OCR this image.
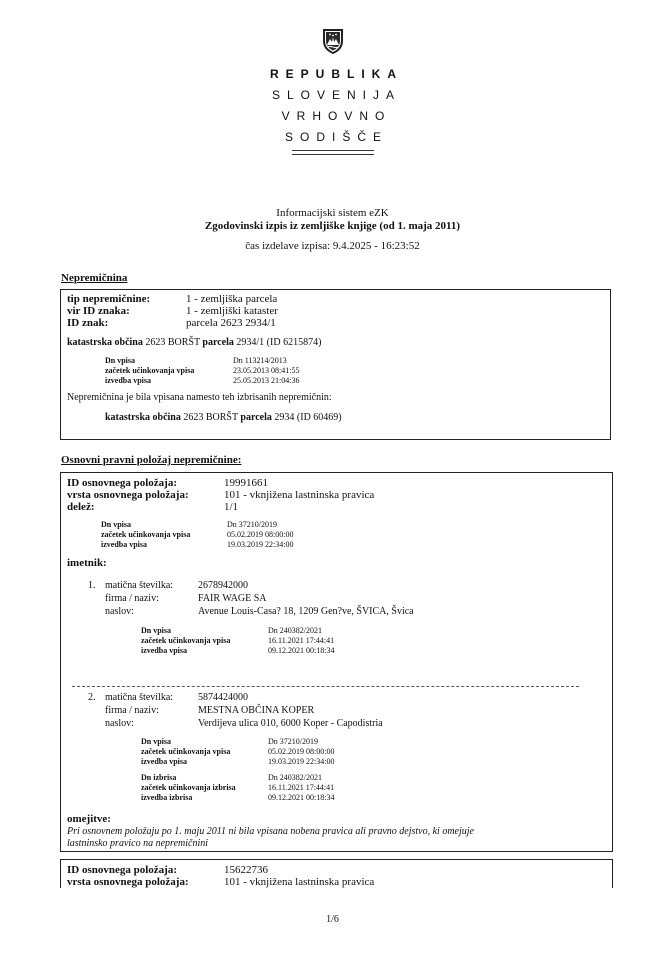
REPUBLIKA
SLOVENIJA
VRHOVNO
SODIŠČE
Informacijski sistem eZK
Zgodovinski izpis iz zemljiške knjige (od 1. maja 2011)
čas izdelave izpisa: 9.4.2025 - 16:23:52
Nepremičnina
tip nepremičnine:	1 - zemljiška parcela
vir ID znaka:	1 - zemljiški kataster
ID znak:	parcela 2623 2934/1
katastrska občina 2623 BORŠT parcela 2934/1 (ID 6215874)
Dn vpisa	Dn 113214/2013
začetek učinkovanja vpisa	23.05.2013 08:41:55
izvedba vpisa	25.05.2013 21:04:36
Nepremičnina je bila vpisana namesto teh izbrisanih nepremičnin:
katastrska občina 2623 BORŠT parcela 2934 (ID 60469)
Osnovni pravni položaj nepremičnine:
ID osnovnega položaja:	19991661
vrsta osnovnega položaja:	101 - vknjižena lastninska pravica
delež:	1/1
Dn vpisa	Dn 37210/2019
začetek učinkovanja vpisa	05.02.2019 08:00:00
izvedba vpisa	19.03.2019 22:34:00
imetnik:
1. matična številka: 2678942000
firma / naziv:	FAIR WAGE SA
naslov:	Avenue Louis-Casa? 18, 1209 Gen?ve, ŠVICA, Švica
Dn vpisa	Dn 240382/2021
začetek učinkovanja vpisa	16.11.2021 17:44:41
izvedba vpisa	09.12.2021 00:18:34
2. matična številka: 5874424000
firma / naziv:	MESTNA OBČINA KOPER
naslov:	Verdijeva ulica 010, 6000 Koper - Capodistria
Dn vpisa	Dn 37210/2019
začetek učinkovanja vpisa	05.02.2019 08:00:00
izvedba vpisa	19.03.2019 22:34:00
Dn izbrisa	Dn 240382/2021
začetek učinkovanja izbrisa	16.11.2021 17:44:41
izvedba izbrisa	09.12.2021 00:18:34
omejitve:
Pri osnovnem položaju po 1. maju 2011 ni bila vpisana nobena pravica ali pravno dejstvo, ki omejuje
lastninsko pravico na nepremičnini
ID osnovnega položaja:	15622736
vrsta osnovnega položaja:	101 - vknjižena lastninska pravica
1/6
